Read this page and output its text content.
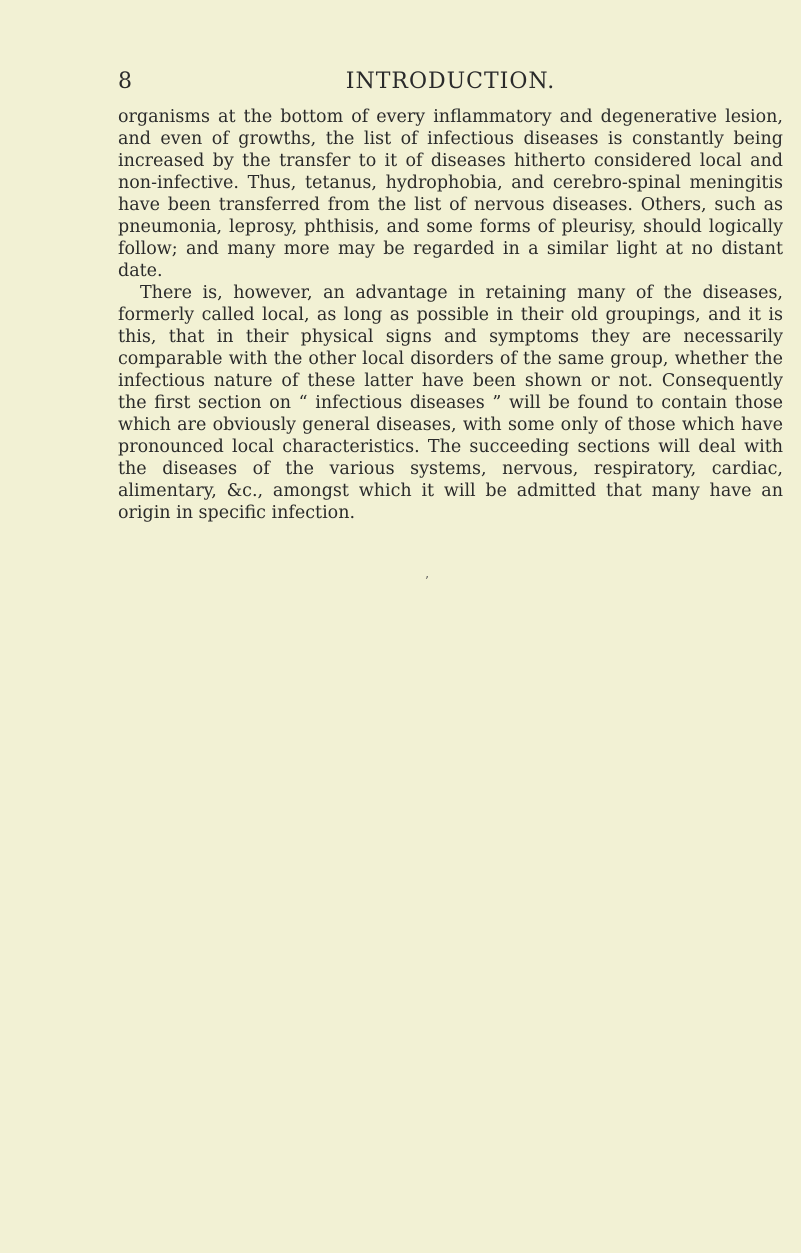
8	INTRODUCTION.

organisms at the bottom of every inflammatory and degenerative lesion, and even of growths, the list of infectious diseases is constantly being increased by the transfer to it of diseases hitherto considered local and non-infective. Thus, tetanus, hydrophobia, and cerebro-spinal meningitis have been transferred from the list of nervous diseases. Others, such as pneumonia, leprosy, phthisis, and some forms of pleurisy, should logically follow; and many more may be regarded in a similar light at no distant date.

There is, however, an advantage in retaining many of the diseases, formerly called local, as long as possible in their old groupings, and it is this, that in their physical signs and symptoms they are necessarily comparable with the other local disorders of the same group, whether the infectious nature of these latter have been shown or not. Consequently the first section on “ infectious diseases ” will be found to contain those which are obviously general diseases, with some only of those which have pronounced local characteristics. The succeeding sections will deal with the diseases of the various systems, nervous, respiratory, cardiac, alimentary, &c., amongst which it will be admitted that many have an origin in specific infection.

’
